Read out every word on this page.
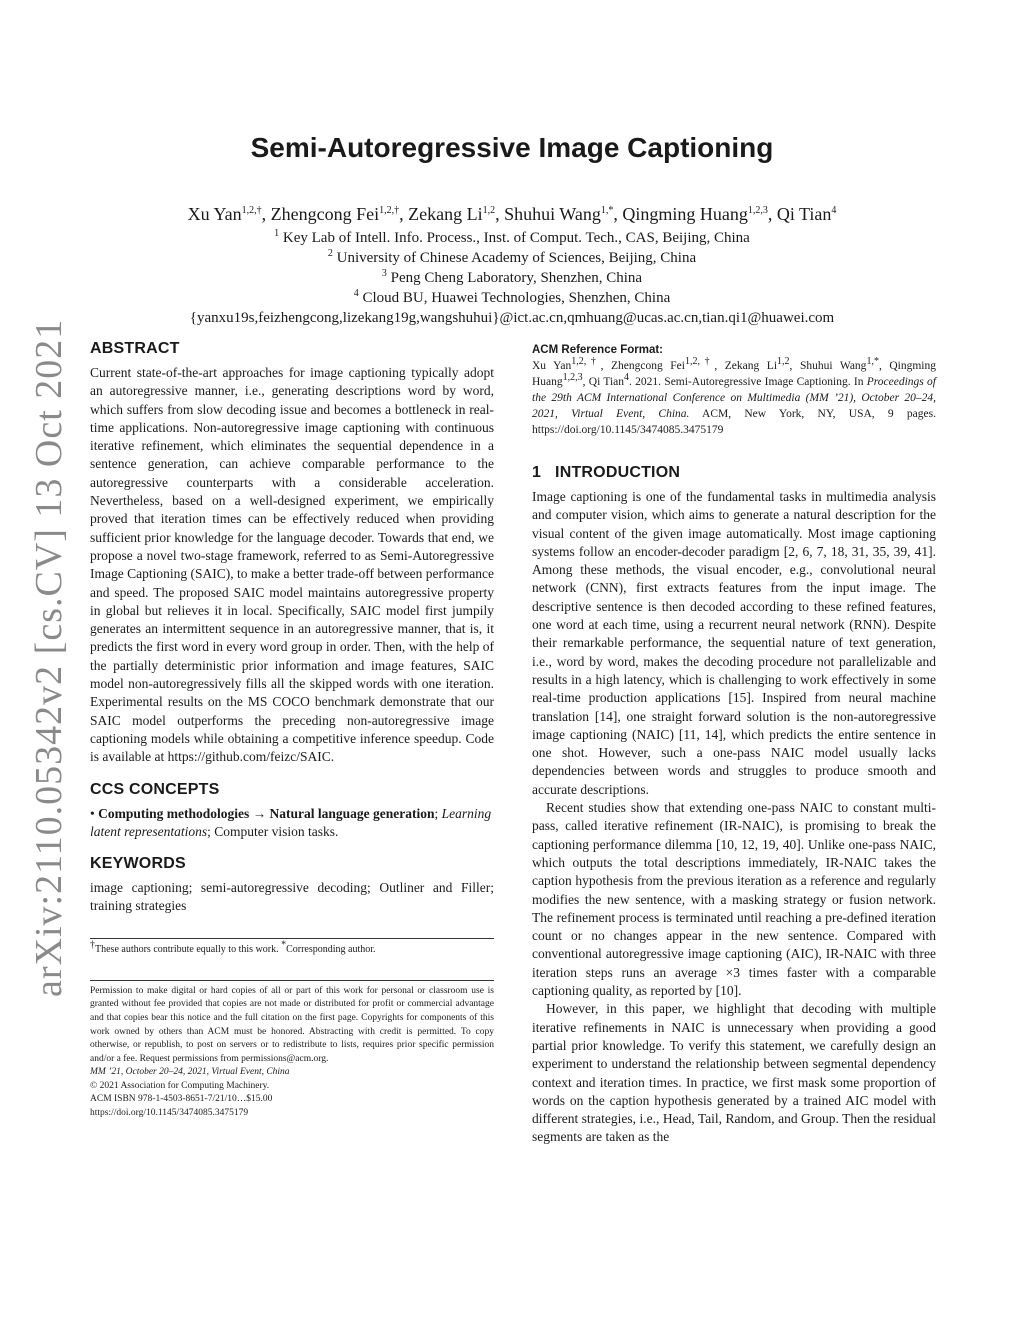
arXiv:2110.05342v2 [cs.CV] 13 Oct 2021
Semi-Autoregressive Image Captioning
Xu Yan$^{1,2,\dagger}$, Zhengcong Fei$^{1,2,\dagger}$, Zekang Li$^{1,2}$, Shuhui Wang$^{1,*}$, Qingming Huang$^{1,2,3}$, Qi Tian$^4$
$^1$ Key Lab of Intell. Info. Process., Inst. of Comput. Tech., CAS, Beijing, China
$^2$ University of Chinese Academy of Sciences, Beijing, China
$^3$ Peng Cheng Laboratory, Shenzhen, China
$^4$ Cloud BU, Huawei Technologies, Shenzhen, China
{yanxu19s,feizhengcong,lizekang19g,wangshuhui}@ict.ac.cn,qmhuang@ucas.ac.cn,tian.qi1@huawei.com
ABSTRACT

Current state-of-the-art approaches for image captioning typically adopt an autoregressive manner, i.e., generating descriptions word by word, which suffers from slow decoding issue and becomes a bottleneck in real-time applications. Non-autoregressive image captioning with continuous iterative refinement, which eliminates the sequential dependence in a sentence generation, can achieve comparable performance to the autoregressive counterparts with a considerable acceleration. Nevertheless, based on a well-designed experiment, we empirically proved that iteration times can be effectively reduced when providing sufficient prior knowledge for the language decoder. Towards that end, we propose a novel two-stage framework, referred to as Semi-Autoregressive Image Captioning (SAIC), to make a better trade-off between performance and speed. The proposed SAIC model maintains autoregressive property in global but relieves it in local. Specifically, SAIC model first jumpily generates an intermittent sequence in an autoregressive manner, that is, it predicts the first word in every word group in order. Then, with the help of the partially deterministic prior information and image features, SAIC model non-autoregressively fills all the skipped words with one iteration. Experimental results on the MS COCO benchmark demonstrate that our SAIC model outperforms the preceding non-autoregressive image captioning models while obtaining a competitive inference speedup. Code is available at https://github.com/feizc/SAIC.

CCS CONCEPTS

• Computing methodologies → Natural language generation; Learning latent representations; Computer vision tasks.

KEYWORDS

image captioning; semi-autoregressive decoding; Outliner and Filler; training strategies

†These authors contribute equally to this work. *Corresponding author.

Permission to make digital or hard copies of all or part of this work for personal or classroom use is granted without fee provided that copies are not made or distributed for profit or commercial advantage and that copies bear this notice and the full citation on the first page. Copyrights for components of this work owned by others than ACM must be honored. Abstracting with credit is permitted. To copy otherwise, or republish, to post on servers or to redistribute to lists, requires prior specific permission and/or a fee. Request permissions from permissions@acm.org.

MM ’21, October 20–24, 2021, Virtual Event, China

© 2021 Association for Computing Machinery.

ACM ISBN 978-1-4503-8651-7/21/10…$15.00

https://doi.org/10.1145/3474085.3475179

ACM Reference Format:

Xu Yan$^{1,2,\dagger}$, Zhengcong Fei$^{1,2,\dagger}$, Zekang Li$^{1,2}$, Shuhui Wang$^{1,*}$, Qingming Huang$^{1,2,3}$, Qi Tian$^4$. 2021. Semi-Autoregressive Image Captioning. In Proceedings of the 29th ACM International Conference on Multimedia (MM ’21), October 20–24, 2021, Virtual Event, China. ACM, New York, NY, USA, 9 pages. https://doi.org/10.1145/3474085.3475179

1 INTRODUCTION

Image captioning is one of the fundamental tasks in multimedia analysis and computer vision, which aims to generate a natural description for the visual content of the given image automatically. Most image captioning systems follow an encoder-decoder paradigm [2, 6, 7, 18, 31, 35, 39, 41]. Among these methods, the visual encoder, e.g., convolutional neural network (CNN), first extracts features from the input image. The descriptive sentence is then decoded according to these refined features, one word at each time, using a recurrent neural network (RNN). Despite their remarkable performance, the sequential nature of text generation, i.e., word by word, makes the decoding procedure not parallelizable and results in a high latency, which is challenging to work effectively in some real-time production applications [15]. Inspired from neural machine translation [14], one straight forward solution is the non-autoregressive image captioning (NAIC) [11, 14], which predicts the entire sentence in one shot. However, such a one-pass NAIC model usually lacks dependencies between words and struggles to produce smooth and accurate descriptions.

Recent studies show that extending one-pass NAIC to constant multi-pass, called iterative refinement (IR-NAIC), is promising to break the captioning performance dilemma [10, 12, 19, 40]. Unlike one-pass NAIC, which outputs the total descriptions immediately, IR-NAIC takes the caption hypothesis from the previous iteration as a reference and regularly modifies the new sentence, with a masking strategy or fusion network. The refinement process is terminated until reaching a pre-defined iteration count or no changes appear in the new sentence. Compared with conventional autoregressive image captioning (AIC), IR-NAIC with three iteration steps runs an average ×3 times faster with a comparable captioning quality, as reported by [10].

However, in this paper, we highlight that decoding with multiple iterative refinements in NAIC is unnecessary when providing a good partial prior knowledge. To verify this statement, we carefully design an experiment to understand the relationship between segmental dependency context and iteration times. In practice, we first mask some proportion of words on the caption hypothesis generated by a trained AIC model with different strategies, i.e., Head, Tail, Random, and Group. Then the residual segments are taken as the
